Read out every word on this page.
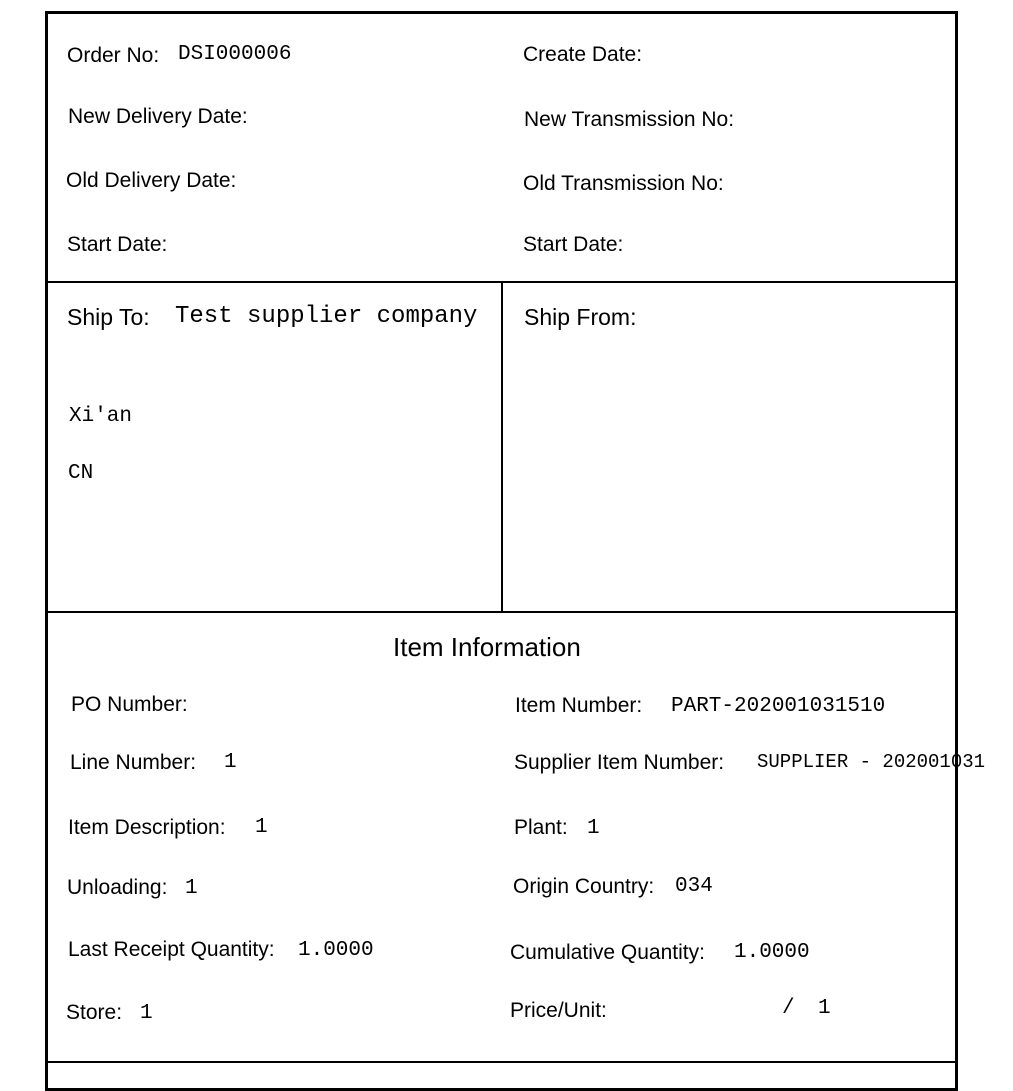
Order No: DSI000006	Create Date:
New Delivery Date:	New Transmission No:
Old Delivery Date:	Old Transmission No:
Start Date:	Start Date:
Ship To: Test supplier company
Xi'an
CN
Ship From:
Item Information
PO Number:	Item Number: PART-202001031510
Line Number: 1	Supplier Item Number: SUPPLIER - 202001031
Item Description: 1	Plant: 1
Unloading: 1	Origin Country: 034
Last Receipt Quantity: 1.0000	Cumulative Quantity: 1.0000
Store: 1	Price/Unit:	/ 1
